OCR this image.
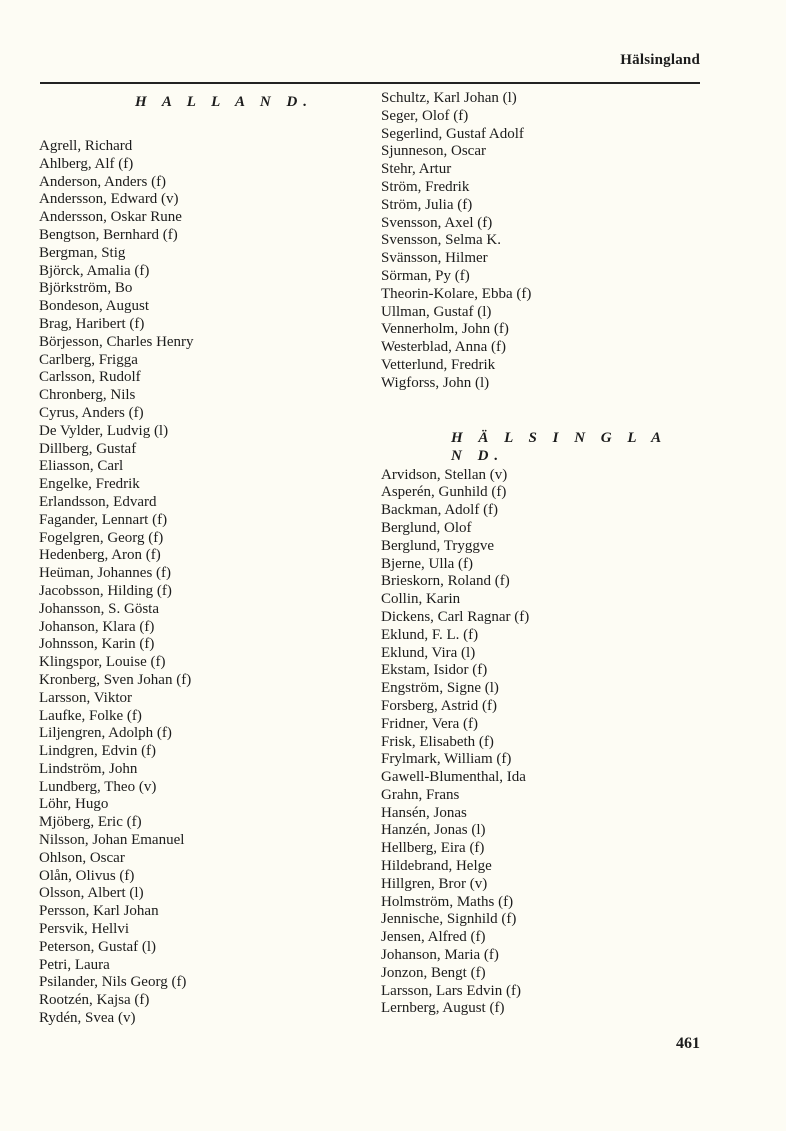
Hälsingland
H A L L A N D.
Agrell, Richard
Ahlberg, Alf (f)
Anderson, Anders (f)
Andersson, Edward (v)
Andersson, Oskar Rune
Bengtson, Bernhard (f)
Bergman, Stig
Björck, Amalia (f)
Björkström, Bo
Bondeson, August
Brag, Haribert (f)
Börjesson, Charles Henry
Carlberg, Frigga
Carlsson, Rudolf
Chronberg, Nils
Cyrus, Anders (f)
De Vylder, Ludvig (l)
Dillberg, Gustaf
Eliasson, Carl
Engelke, Fredrik
Erlandsson, Edvard
Fagander, Lennart (f)
Fogelgren, Georg (f)
Hedenberg, Aron (f)
Heüman, Johannes (f)
Jacobsson, Hilding (f)
Johansson, S. Gösta
Johanson, Klara (f)
Johnsson, Karin (f)
Klingspor, Louise (f)
Kronberg, Sven Johan (f)
Larsson, Viktor
Laufke, Folke (f)
Liljengren, Adolph (f)
Lindgren, Edvin (f)
Lindström, John
Lundberg, Theo (v)
Löhr, Hugo
Mjöberg, Eric (f)
Nilsson, Johan Emanuel
Ohlson, Oscar
Olån, Olivus (f)
Olsson, Albert (l)
Persson, Karl Johan
Persvik, Hellvi
Peterson, Gustaf (l)
Petri, Laura
Psilander, Nils Georg (f)
Rootzén, Kajsa (f)
Rydén, Svea (v)
Schultz, Karl Johan (l)
Seger, Olof (f)
Segerlind, Gustaf Adolf
Sjunneson, Oscar
Stehr, Artur
Ström, Fredrik
Ström, Julia (f)
Svensson, Axel (f)
Svensson, Selma K.
Svänsson, Hilmer
Sörman, Py (f)
Theorin-Kolare, Ebba (f)
Ullman, Gustaf (l)
Vennerholm, John (f)
Westerblad, Anna (f)
Vetterlund, Fredrik
Wigforss, John (l)
H Ä L S I N G L A N D.
Arvidson, Stellan (v)
Asperén, Gunhild (f)
Backman, Adolf (f)
Berglund, Olof
Berglund, Tryggve
Bjerne, Ulla (f)
Brieskorn, Roland (f)
Collin, Karin
Dickens, Carl Ragnar (f)
Eklund, F. L. (f)
Eklund, Vira (l)
Ekstam, Isidor (f)
Engström, Signe (l)
Forsberg, Astrid (f)
Fridner, Vera (f)
Frisk, Elisabeth (f)
Frylmark, William (f)
Gawell-Blumenthal, Ida
Grahn, Frans
Hansén, Jonas
Hanzén, Jonas (l)
Hellberg, Eira (f)
Hildebrand, Helge
Hillgren, Bror (v)
Holmström, Maths (f)
Jennische, Signhild (f)
Jensen, Alfred (f)
Johanson, Maria (f)
Jonzon, Bengt (f)
Larsson, Lars Edvin (f)
Lernberg, August (f)
461
